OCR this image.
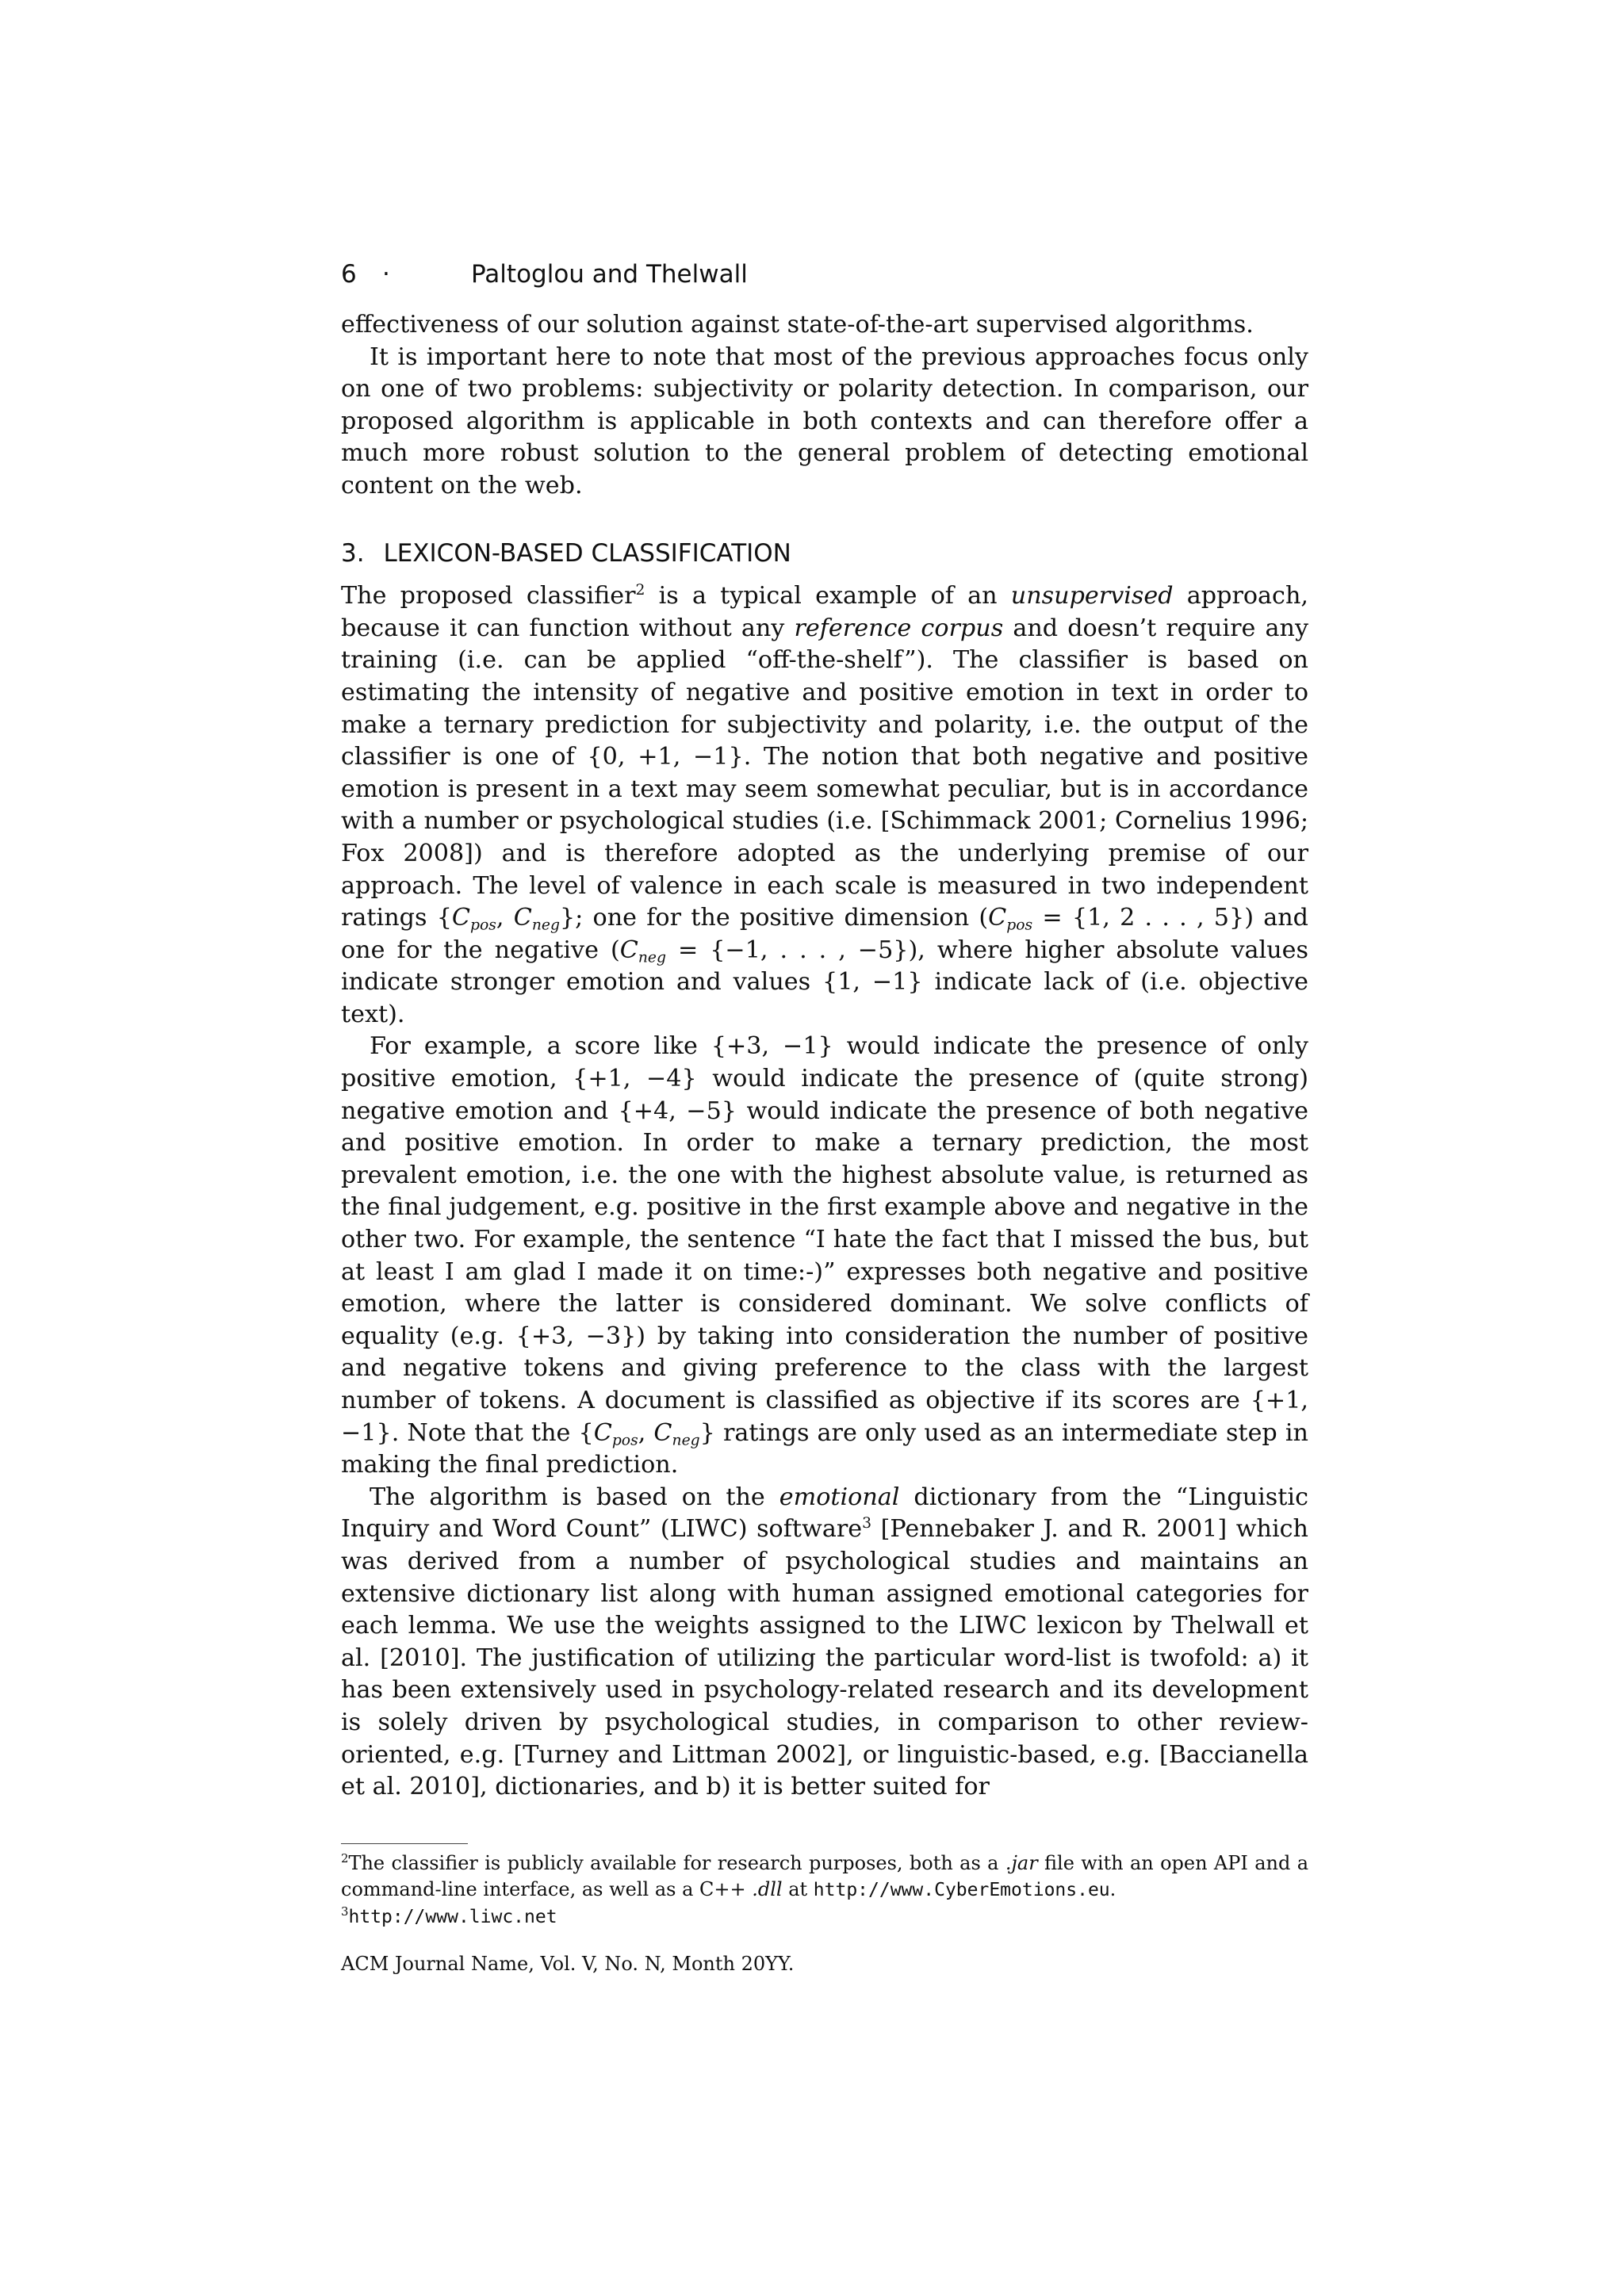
6	·	Paltoglou and Thelwall

effectiveness of our solution against state-of-the-art supervised algorithms.

It is important here to note that most of the previous approaches focus only on one of two problems: subjectivity or polarity detection. In comparison, our proposed algorithm is applicable in both contexts and can therefore offer a much more robust solution to the general problem of detecting emotional content on the web.

3. LEXICON-BASED CLASSIFICATION

The proposed classifier$^2$ is a typical example of an unsupervised approach, because it can function without any reference corpus and doesn’t require any training (i.e. can be applied “off-the-shelf”). The classifier is based on estimating the intensity of negative and positive emotion in text in order to make a ternary prediction for subjectivity and polarity, i.e. the output of the classifier is one of {0, +1, −1}. The notion that both negative and positive emotion is present in a text may seem somewhat peculiar, but is in accordance with a number or psychological studies (i.e. [Schimmack 2001; Cornelius 1996; Fox 2008]) and is therefore adopted as the underlying premise of our approach. The level of valence in each scale is measured in two independent ratings {$C_{pos}$, $C_{neg}$}; one for the positive dimension ($C_{pos} = \{1$, 2 . . . , 5}) and one for the negative ($C_{neg} = \{-1$, . . . , −5}), where higher absolute values indicate stronger emotion and values {1, −1} indicate lack of (i.e. objective text).

For example, a score like {+3, −1} would indicate the presence of only positive emotion, {+1, −4} would indicate the presence of (quite strong) negative emotion and {+4, −5} would indicate the presence of both negative and positive emotion. In order to make a ternary prediction, the most prevalent emotion, i.e. the one with the highest absolute value, is returned as the final judgement, e.g. positive in the first example above and negative in the other two. For example, the sentence “I hate the fact that I missed the bus, but at least I am glad I made it on time:-)” expresses both negative and positive emotion, where the latter is considered dominant. We solve conflicts of equality (e.g. {+3, −3}) by taking into consideration the number of positive and negative tokens and giving preference to the class with the largest number of tokens. A document is classified as objective if its scores are {+1, −1}. Note that the {$C_{pos}$, $C_{neg}$} ratings are only used as an intermediate step in making the final prediction.

The algorithm is based on the emotional dictionary from the “Linguistic Inquiry and Word Count” (LIWC) software$^3$ [Pennebaker J. and R. 2001] which was derived from a number of psychological studies and maintains an extensive dictionary list along with human assigned emotional categories for each lemma. We use the weights assigned to the LIWC lexicon by Thelwall et al. [2010]. The justification of utilizing the particular word-list is twofold: a) it has been extensively used in psychology-related research and its development is solely driven by psychological studies, in comparison to other review-oriented, e.g. [Turney and Littman 2002], or linguistic-based, e.g. [Baccianella et al. 2010], dictionaries, and b) it is better suited for

$^2$The classifier is publicly available for research purposes, both as a .jar file with an open API and a command-line interface, as well as a C++ .dll at http://www.CyberEmotions.eu.

$^3$http://www.liwc.net

ACM Journal Name, Vol. V, No. N, Month 20YY.
